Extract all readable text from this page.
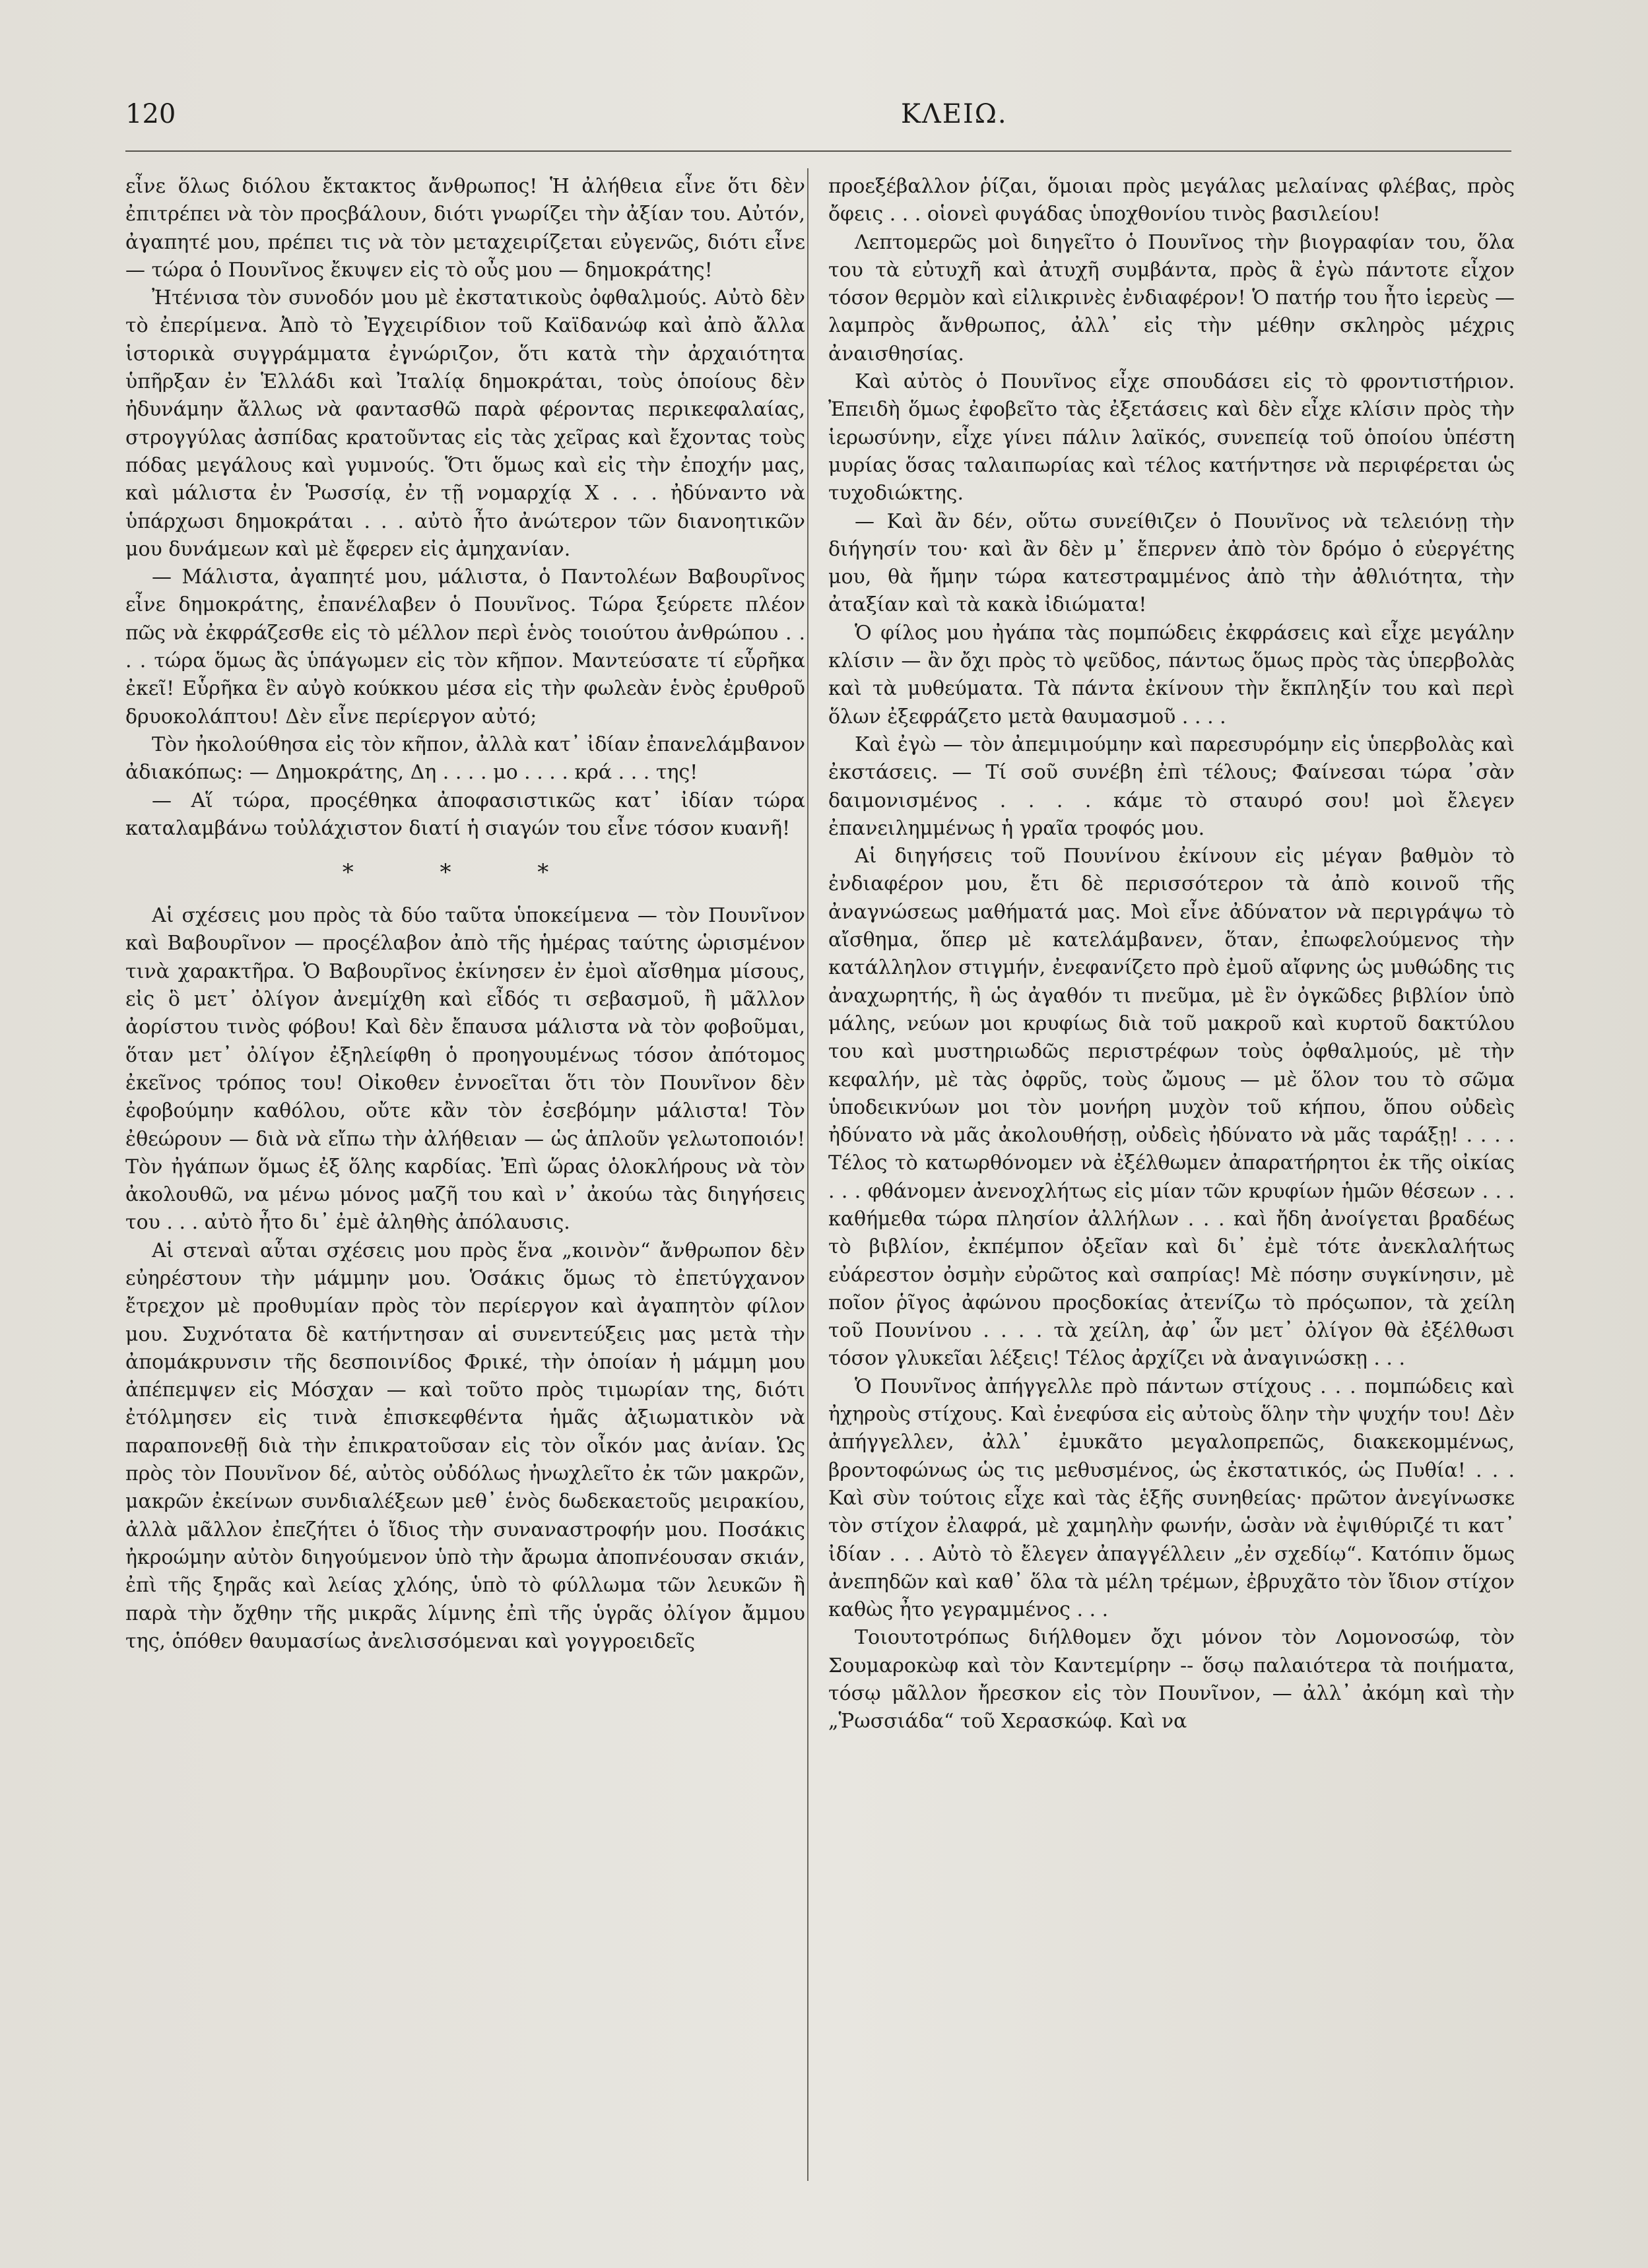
120	ΚΛΕΙΩ.

εἶνε ὅλως διόλου ἔκτακτος ἄνθρωπος! Ἡ ἀλήθεια εἶνε ὅτι δὲν ἐπιτρέπει νὰ τὸν προςβάλουν, διότι γνωρίζει τὴν ἀξίαν του. Αὐτόν, ἀγαπητέ μου, πρέπει τις νὰ τὸν μεταχειρίζεται εὐγενῶς, διότι εἶνε — τώρα ὁ Πουνῖνος ἔκυψεν εἰς τὸ οὖς μου — δημοκράτης!

Ἠτένισα τὸν συνοδόν μου μὲ ἐκστατικοὺς ὀφθαλμούς. Αὐτὸ δὲν τὸ ἐπερίμενα. Ἀπὸ τὸ Ἐγχειρίδιον τοῦ Καϊδανώφ καὶ ἀπὸ ἄλλα ἱστορικὰ συγγράμματα ἐγνώριζον, ὅτι κατὰ τὴν ἀρχαιότητα ὑπῆρξαν ἐν Ἑλλάδι καὶ Ἰταλίᾳ δημοκράται, τοὺς ὁποίους δὲν ἠδυνάμην ἄλλως νὰ φαντασθῶ παρὰ φέροντας περικεφαλαίας, στρογγύλας ἀσπίδας κρατοῦντας εἰς τὰς χεῖρας καὶ ἔχοντας τοὺς πόδας μεγάλους καὶ γυμνούς. Ὅτι ὅμως καὶ εἰς τὴν ἐποχήν μας, καὶ μάλιστα ἐν Ῥωσσίᾳ, ἐν τῇ νομαρχίᾳ Χ . . . ἠδύναντο νὰ ὑπάρχωσι δημοκράται . . . αὐτὸ ἦτο ἀνώτερον τῶν διανοητικῶν μου δυνάμεων καὶ μὲ ἔφερεν εἰς ἀμηχανίαν.

— Μάλιστα, ἀγαπητέ μου, μάλιστα, ὁ Παντολέων Βαβουρῖνος εἶνε δημοκράτης, ἐπανέλαβεν ὁ Πουνῖνος. Τώρα ξεύρετε πλέον πῶς νὰ ἐκφράζεσθε εἰς τὸ μέλλον περὶ ἑνὸς τοιούτου ἀνθρώπου . . . . τώρα ὅμως ἂς ὑπάγωμεν εἰς τὸν κῆπον. Μαντεύσατε τί εὗρῆκα ἐκεῖ! Εὗρῆκα ἓν αὐγὸ κούκκου μέσα εἰς τὴν φωλεὰν ἑνὸς ἐρυθροῦ δρυοκολάπτου! Δὲν εἶνε περίεργον αὐτό;

Τὸν ἠκολούθησα εἰς τὸν κῆπον, ἀλλὰ κατ᾿ ἰδίαν ἐπανελάμβανον ἀδιακόπως: — Δημοκράτης, Δη . . . . μο . . . . κρά . . . της!

— Αἵ τώρα, προςέθηκα ἀποφασιστικῶς κατ᾿ ἰδίαν τώρα καταλαμβάνω τοὐλάχιστον διατί ἡ σιαγών του εἶνε τόσον κυανῆ!

* * *

Αἱ σχέσεις μου πρὸς τὰ δύο ταῦτα ὑποκείμενα — τὸν Πουνῖνον καὶ Βαβουρῖνον — προςέλαβον ἀπὸ τῆς ἡμέρας ταύτης ὡρισμένον τινὰ χαρακτῆρα. Ὁ Βαβουρῖνος ἐκίνησεν ἐν ἐμοὶ αἴσθημα μίσους, εἰς ὃ μετ᾿ ὀλίγον ἀνεμίχθη καὶ εἶδός τι σεβασμοῦ, ἢ μᾶλλον ἀορίστου τινὸς φόβου! Καὶ δὲν ἔπαυσα μάλιστα νὰ τὸν φοβοῦμαι, ὅταν μετ᾿ ὀλίγον ἐξηλείφθη ὁ προηγουμένως τόσον ἀπότομος ἐκεῖνος τρόπος του! Οἰκοθεν ἐννοεῖται ὅτι τὸν Πουνῖνον δὲν ἐφοβούμην καθόλου, οὔτε κἂν τὸν ἐσεβόμην μάλιστα! Τὸν ἐθεώρουν — διὰ νὰ εἴπω τὴν ἀλήθειαν — ὡς ἁπλοῦν γελωτοποιόν! Τὸν ἠγάπων ὅμως ἐξ ὅλης καρδίας. Ἐπὶ ὥρας ὁλοκλήρους νὰ τὸν ἀκολουθῶ, να μένω μόνος μαζῆ του καὶ ν᾿ ἀκούω τὰς διηγήσεις του . . . αὐτὸ ἦτο δι᾿ ἐμὲ ἀληθὴς ἀπόλαυσις.

Αἱ στεναὶ αὗται σχέσεις μου πρὸς ἕνα „κοινὸν“ ἄνθρωπον δὲν εὐηρέστουν τὴν μάμμην μου. Ὁσάκις ὅμως τὸ ἐπετύγχανον ἔτρεχον μὲ προθυμίαν πρὸς τὸν περίεργον καὶ ἀγαπητὸν φίλον μου. Συχνότατα δὲ κατήντησαν αἱ συνεντεύξεις μας μετὰ τὴν ἀπομάκρυνσιν τῆς δεσποινίδος Φρικέ, τὴν ὁποίαν ἡ μάμμη μου ἀπέπεμψεν εἰς Μόσχαν — καὶ τοῦτο πρὸς τιμωρίαν της, διότι ἐτόλμησεν εἰς τινὰ ἐπισκεφθέντα ἡμᾶς ἀξιωματικὸν νὰ παραπονεθῇ διὰ τὴν ἐπικρατοῦσαν εἰς τὸν οἶκόν μας ἀνίαν. Ὡς πρὸς τὸν Πουνῖνον δέ, αὐτὸς οὐδόλως ἠνωχλεῖτο ἐκ τῶν μακρῶν, μακρῶν ἐκείνων συνδιαλέξεων μεθ᾿ ἑνὸς δωδεκαετοῦς μειρακίου, ἀλλὰ μᾶλλον ἐπεζήτει ὁ ἴδιος τὴν συναναστροφήν μου. Ποσάκις ἠκροώμην αὐτὸν διηγούμενον ὑπὸ τὴν ἄρωμα ἀποπνέουσαν σκιάν, ἐπὶ τῆς ξηρᾶς καὶ λείας χλόης, ὑπὸ τὸ φύλλωμα τῶν λευκῶν ἢ παρὰ τὴν ὄχθην τῆς μικρᾶς λίμνης ἐπὶ τῆς ὑγρᾶς ὀλίγον ἄμμου της, ὁπόθεν θαυμασίως ἀνελισσόμεναι καὶ γογγροειδεῖς

προεξέβαλλον ῥίζαι, ὅμοιαι πρὸς μεγάλας μελαίνας φλέβας, πρὸς ὄφεις . . . οἱονεὶ φυγάδας ὑποχθονίου τινὸς βασιλείου!

Λεπτομερῶς μοὶ διηγεῖτο ὁ Πουνῖνος τὴν βιογραφίαν του, ὅλα του τὰ εὐτυχῆ καὶ ἀτυχῆ συμβάντα, πρὸς ἃ ἐγὼ πάντοτε εἶχον τόσον θερμὸν καὶ εἰλικρινὲς ἐνδιαφέρον! Ὁ πατήρ του ἦτο ἱερεὺς — λαμπρὸς ἄνθρωπος, ἀλλ᾿ εἰς τὴν μέθην σκληρὸς μέχρις ἀναισθησίας.

Καὶ αὐτὸς ὁ Πουνῖνος εἶχε σπουδάσει εἰς τὸ φροντιστήριον. Ἐπειδὴ ὅμως ἐφοβεῖτο τὰς ἐξετάσεις καὶ δὲν εἶχε κλίσιν πρὸς τὴν ἱερωσύνην, εἶχε γίνει πάλιν λαϊκός, συνεπείᾳ τοῦ ὁποίου ὑπέστη μυρίας ὅσας ταλαιπωρίας καὶ τέλος κατήντησε νὰ περιφέρεται ὡς τυχοδιώκτης.

— Καὶ ἂν δέν, οὕτω συνείθιζεν ὁ Πουνῖνος νὰ τελειόνῃ τὴν διήγησίν του· καὶ ἂν δὲν μ᾿ ἔπερνεν ἀπὸ τὸν δρόμο ὁ εὐεργέτης μου, θὰ ἤμην τώρα κατεστραμμένος ἀπὸ τὴν ἀθλιότητα, τὴν ἀταξίαν καὶ τὰ κακὰ ἰδιώματα!

Ὁ φίλος μου ἠγάπα τὰς πομπώδεις ἐκφράσεις καὶ εἶχε μεγάλην κλίσιν — ἂν ὄχι πρὸς τὸ ψεῦδος, πάντως ὅμως πρὸς τὰς ὑπερβολὰς καὶ τὰ μυθεύματα. Τὰ πάντα ἐκίνουν τὴν ἔκπληξίν του καὶ περὶ ὅλων ἐξεφράζετο μετὰ θαυμασμοῦ . . . .

Καὶ ἐγὼ — τὸν ἀπεμιμούμην καὶ παρεσυρόμην εἰς ὑπερβολὰς καὶ ἐκστάσεις. — Τί σοῦ συνέβη ἐπὶ τέλους; Φαίνεσαι τώρα ᾽σὰν δαιμονισμένος . . . . κάμε τὸ σταυρό σου! μοὶ ἔλεγεν ἐπανειλημμένως ἡ γραῖα τροφός μου.

Αἱ διηγήσεις τοῦ Πουνίνου ἐκίνουν εἰς μέγαν βαθμὸν τὸ ἐνδιαφέρον μου, ἔτι δὲ περισσότερον τὰ ἀπὸ κοινοῦ τῆς ἀναγνώσεως μαθήματά μας. Μοὶ εἶνε ἀδύνατον νὰ περιγράψω τὸ αἴσθημα, ὅπερ μὲ κατελάμβανεν, ὅταν, ἐπωφελούμενος τὴν κατάλληλον στιγμήν, ἐνεφανίζετο πρὸ ἐμοῦ αἴφνης ὡς μυθώδης τις ἀναχωρητής, ἢ ὡς ἀγαθόν τι πνεῦμα, μὲ ἓν ὀγκῶδες βιβλίον ὑπὸ μάλης, νεύων μοι κρυφίως διὰ τοῦ μακροῦ καὶ κυρτοῦ δακτύλου του καὶ μυστηριωδῶς περιστρέφων τοὺς ὀφθαλμούς, μὲ τὴν κεφαλήν, μὲ τὰς ὀφρῦς, τοὺς ὤμους — μὲ ὅλον του τὸ σῶμα ὑποδεικνύων μοι τὸν μονήρη μυχὸν τοῦ κήπου, ὅπου οὐδεὶς ἠδύνατο νὰ μᾶς ἀκολουθήσῃ, οὐδεὶς ἠδύνατο νὰ μᾶς ταράξῃ! . . . . Τέλος τὸ κατωρθόνομεν νὰ ἐξέλθωμεν ἀπαρατήρητοι ἐκ τῆς οἰκίας . . . φθάνομεν ἀνενοχλήτως εἰς μίαν τῶν κρυφίων ἡμῶν θέσεων . . . καθήμεθα τώρα πλησίον ἀλλήλων . . . καὶ ἤδη ἀνοίγεται βραδέως τὸ βιβλίον, ἐκπέμπον ὀξεῖαν καὶ δι᾿ ἐμὲ τότε ἀνεκλαλήτως εὐάρεστον ὀσμὴν εὐρῶτος καὶ σαπρίας! Μὲ πόσην συγκίνησιν, μὲ ποῖον ῥῖγος ἀφώνου προςδοκίας ἀτενίζω τὸ πρόςωπον, τὰ χείλη τοῦ Πουνίνου . . . . τὰ χείλη, ἀφ᾿ ὧν μετ᾿ ὀλίγον θὰ ἐξέλθωσι τόσον γλυκεῖαι λέξεις! Τέλος ἀρχίζει νὰ ἀναγινώσκῃ . . .

Ὁ Πουνῖνος ἀπήγγελλε πρὸ πάντων στίχους . . . πομπώδεις καὶ ἠχηροὺς στίχους. Καὶ ἐνεφύσα εἰς αὐτοὺς ὅλην τὴν ψυχήν του! Δὲν ἀπήγγελλεν, ἀλλ᾿ ἐμυκᾶτο μεγαλοπρεπῶς, διακεκομμένως, βροντοφώνως ὡς τις μεθυσμένος, ὡς ἐκστατικός, ὡς Πυθία! . . . Καὶ σὺν τούτοις εἶχε καὶ τὰς ἑξῆς συνηθείας· πρῶτον ἀνεγίνωσκε τὸν στίχον ἐλαφρά, μὲ χαμηλὴν φωνήν, ὡσὰν νὰ ἐψιθύριζέ τι κατ᾿ ἰδίαν . . . Αὐτὸ τὸ ἔλεγεν ἀπαγγέλλειν „ἐν σχεδίῳ“. Κατόπιν ὅμως ἀνεπηδῶν καὶ καθ᾿ ὅλα τὰ μέλη τρέμων, ἐβρυχᾶτο τὸν ἴδιον στίχον καθὼς ἦτο γεγραμμένος . . .

Τοιουτοτρόπως διήλθομεν ὄχι μόνον τὸν Λομονοσώφ, τὸν Σουμαροκὼφ καὶ τὸν Καντεμίρην -- ὅσῳ παλαιότερα τὰ ποιήματα, τόσῳ μᾶλλον ἤρεσκον εἰς τὸν Πουνῖνον, — ἀλλ᾿ ἀκόμη καὶ τὴν „Ῥωσσιάδα“ τοῦ Χερασκώφ. Καὶ να
